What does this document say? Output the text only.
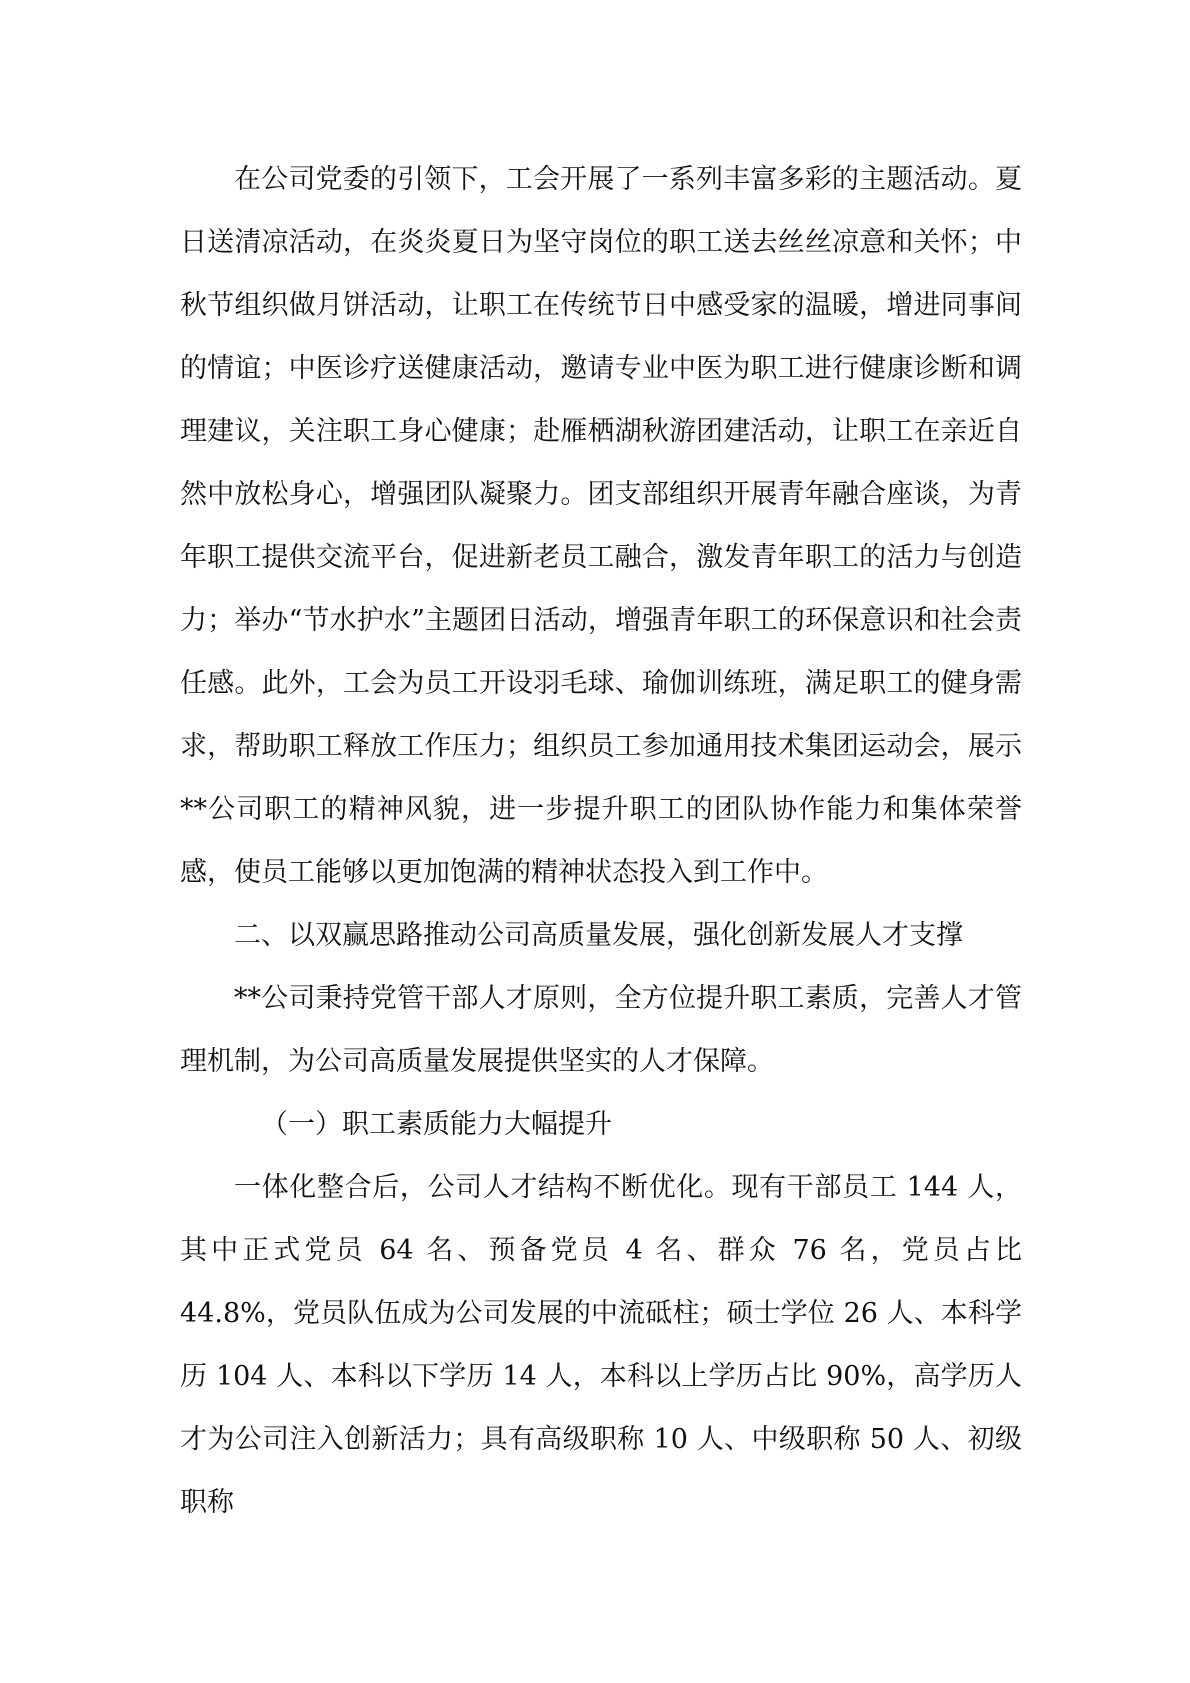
在公司党委的引领下，工会开展了一系列丰富多彩的主题活动。夏日送清凉活动，在炎炎夏日为坚守岗位的职工送去丝丝凉意和关怀；中秋节组织做月饼活动，让职工在传统节日中感受家的温暖，增进同事间的情谊；中医诊疗送健康活动，邀请专业中医为职工进行健康诊断和调理建议，关注职工身心健康；赴雁栖湖秋游团建活动，让职工在亲近自然中放松身心，增强团队凝聚力。团支部组织开展青年融合座谈，为青年职工提供交流平台，促进新老员工融合，激发青年职工的活力与创造力；举办“节水护水”主题团日活动，增强青年职工的环保意识和社会责任感。此外，工会为员工开设羽毛球、瑜伽训练班，满足职工的健身需求，帮助职工释放工作压力；组织员工参加通用技术集团运动会，展示**公司职工的精神风貌，进一步提升职工的团队协作能力和集体荣誉感，使员工能够以更加饱满的精神状态投入到工作中。

二、以双赢思路推动公司高质量发展，强化创新发展人才支撑

**公司秉持党管干部人才原则，全方位提升职工素质，完善人才管理机制，为公司高质量发展提供坚实的人才保障。

（一）职工素质能力大幅提升

一体化整合后，公司人才结构不断优化。现有干部员工 144 人，其中正式党员 64 名、预备党员 4 名、群众 76 名，党员占比 44.8%，党员队伍成为公司发展的中流砥柱；硕士学位 26 人、本科学历 104 人、本科以下学历 14 人，本科以上学历占比 90%，高学历人才为公司注入创新活力；具有高级职称 10 人、中级职称 50 人、初级职称
